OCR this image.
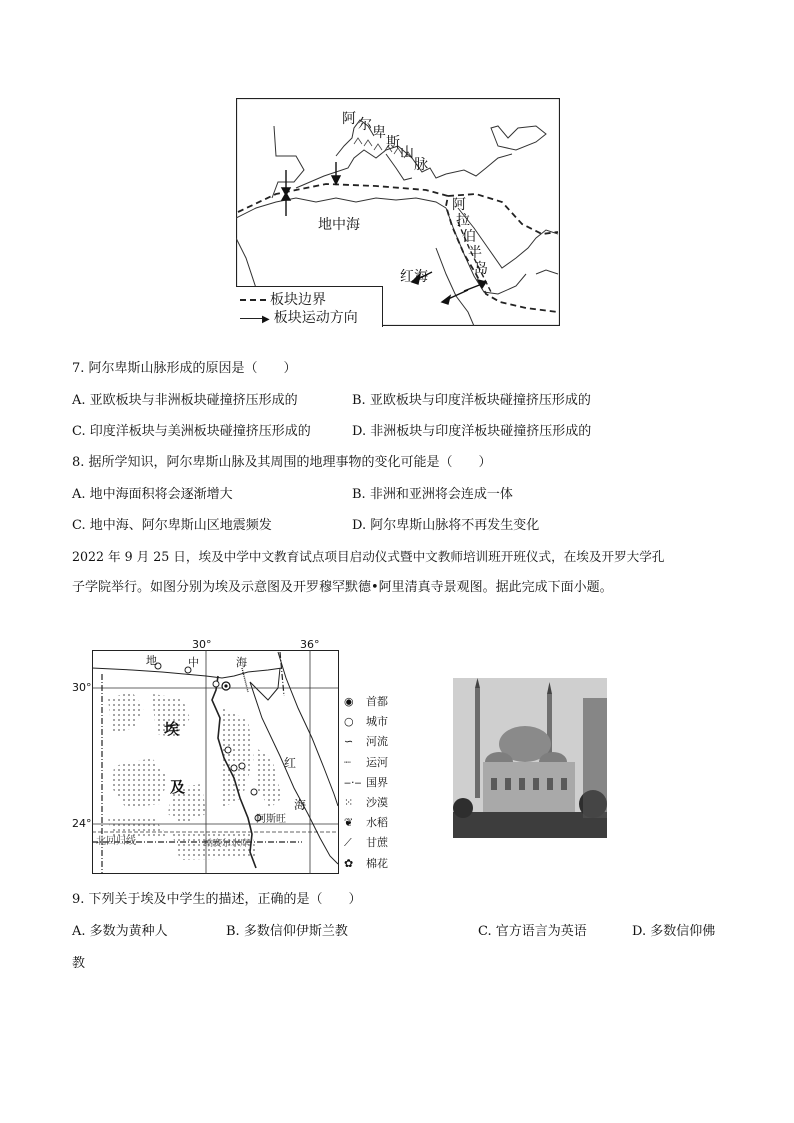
阿 尔 卑
斯
山
脉
地中海
阿
拉
伯
半
岛
红海
板块边界
▶ 板块运动方向
7. 阿尔卑斯山脉形成的原因是（　　）
A. 亚欧板块与非洲板块碰撞挤压形成的	B. 亚欧板块与印度洋板块碰撞挤压形成的
C. 印度洋板块与美洲板块碰撞挤压形成的	D. 非洲板块与印度洋板块碰撞挤压形成的
8. 据所学知识，阿尔卑斯山脉及其周围的地理事物的变化可能是（　　）
A. 地中海面积将会逐渐增大	B. 非洲和亚洲将会连成一体
C. 地中海、阿尔卑斯山区地震频发	D. 阿尔卑斯山脉将不再发生变化
2022 年 9 月 25 日，埃及中学中文教育试点项目启动仪式暨中文教师培训班开班仪式，在埃及开罗大学孔
子学院举行。如图分别为埃及示意图及开罗穆罕默德•阿里清真寺景观图。据此完成下面小题。
30°	36°
30°
24°
地	中	海
埃
及
红
海
阿斯旺
北回归线	纳赛尔水库
◉ 首都
○ 城市
∽ 河流
┈ 运河
‒·‒ 国界
⁙ 沙漠
❦ 水稻
⟋ 甘蔗
✿ 棉花
9. 下列关于埃及中学生的描述，正确的是（　　）
A. 多数为黄种人	B. 多数信仰伊斯兰教	C. 官方语言为英语	D. 多数信仰佛
教
